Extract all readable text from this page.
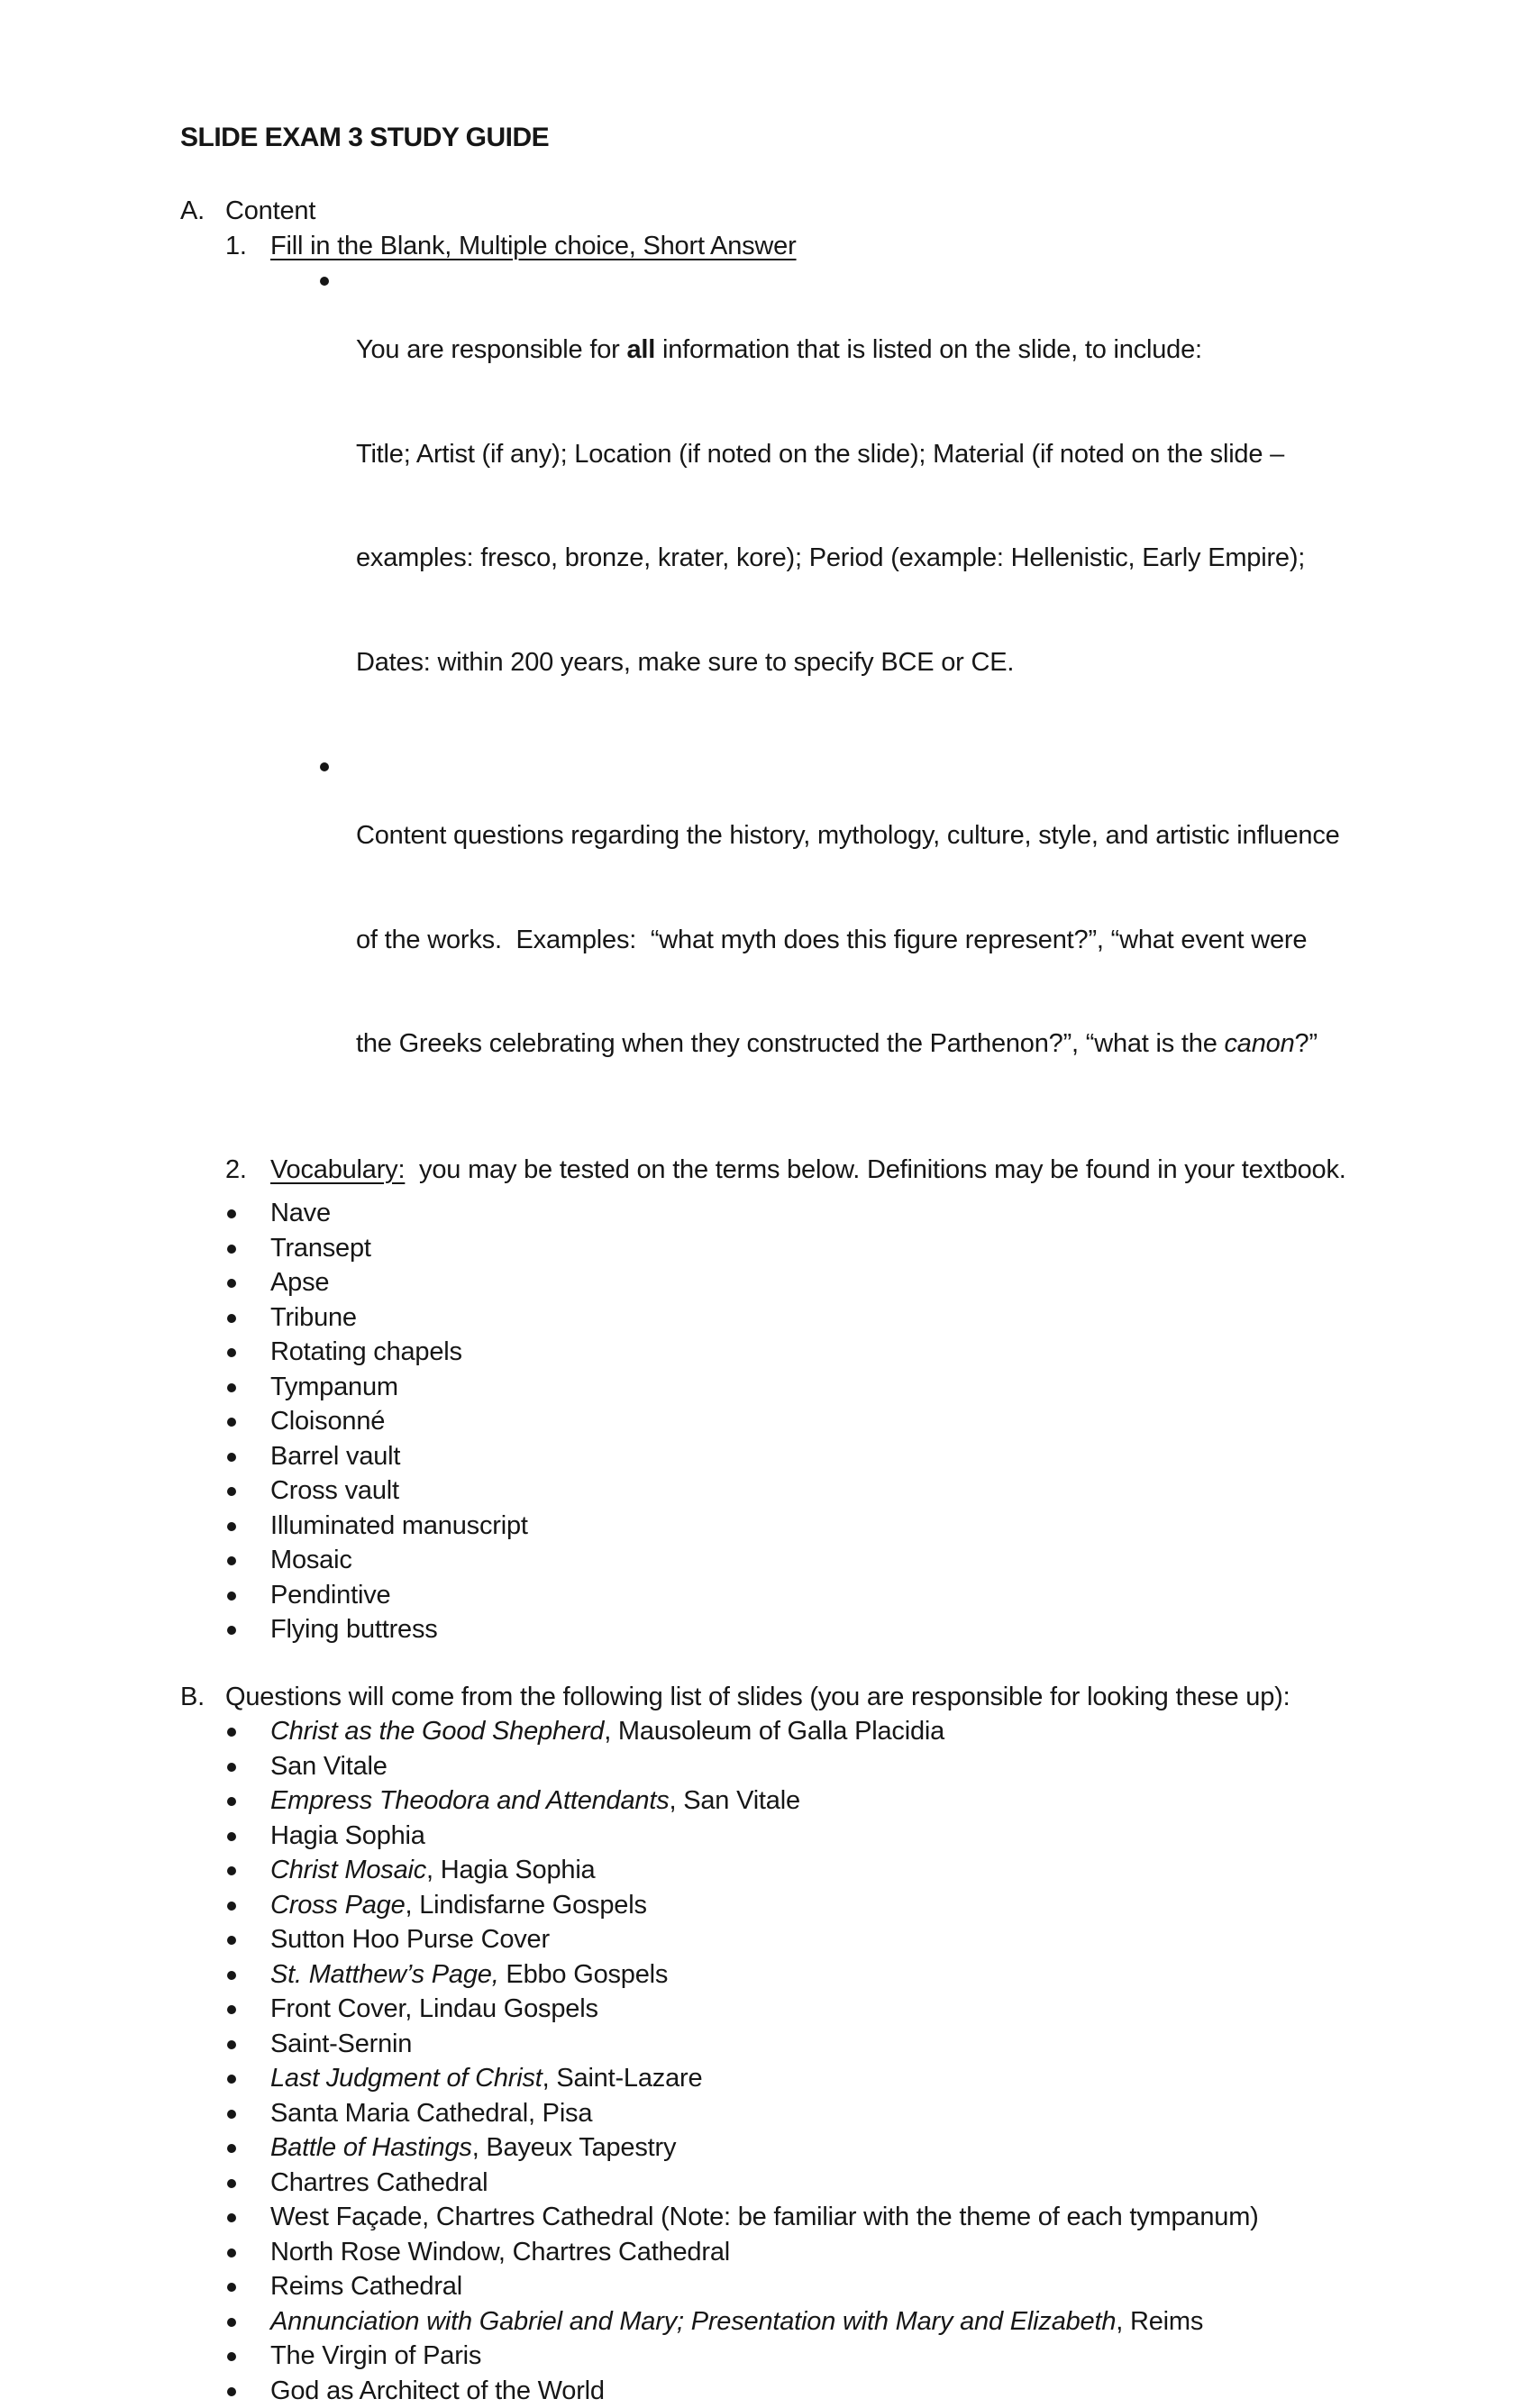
SLIDE EXAM 3 STUDY GUIDE
A. Content
1. Fill in the Blank, Multiple choice, Short Answer

You are responsible for all information that is listed on the slide, to include:

Title; Artist (if any); Location (if noted on the slide); Material (if noted on the slide –

examples: fresco, bronze, krater, kore); Period (example: Hellenistic, Early Empire);

Dates: within 200 years, make sure to specify BCE or CE.

Content questions regarding the history, mythology, culture, style, and artistic influence

of the works.  Examples:  “what myth does this figure represent?”, “what event were

the Greeks celebrating when they constructed the Parthenon?”, “what is the canon?”

2. Vocabulary:  you may be tested on the terms below. Definitions may be found in your textbook.
Nave
Transept
Apse
Tribune
Rotating chapels
Tympanum
Cloisonné
Barrel vault
Cross vault
Illuminated manuscript
Mosaic
Pendintive
Flying buttress
B. Questions will come from the following list of slides (you are responsible for looking these up):
Christ as the Good Shepherd, Mausoleum of Galla Placidia
San Vitale
Empress Theodora and Attendants, San Vitale
Hagia Sophia
Christ Mosaic, Hagia Sophia
Cross Page, Lindisfarne Gospels
Sutton Hoo Purse Cover
St. Matthew’s Page, Ebbo Gospels
Front Cover, Lindau Gospels
Saint-Sernin
Last Judgment of Christ, Saint-Lazare
Santa Maria Cathedral, Pisa
Battle of Hastings, Bayeux Tapestry
Chartres Cathedral
West Façade, Chartres Cathedral (Note: be familiar with the theme of each tympanum)
North Rose Window, Chartres Cathedral
Reims Cathedral
Annunciation with Gabriel and Mary; Presentation with Mary and Elizabeth, Reims
The Virgin of Paris
God as Architect of the World
